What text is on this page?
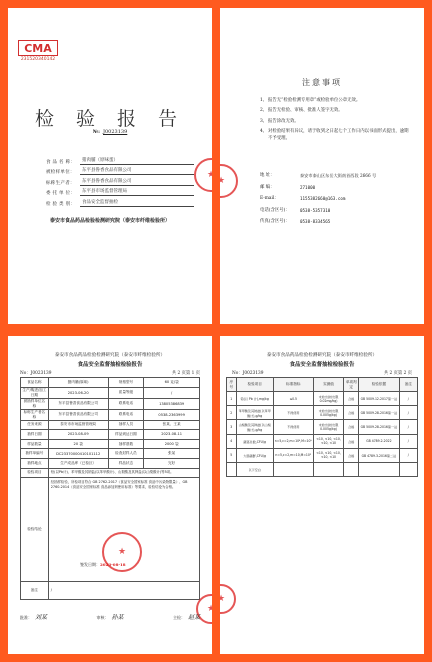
CMA
231520340142
检 验 报 告
№: J0023139
食 品 名 称：	猪肉脯（原味蛋）
被检样单位：	东平县鲁香食品有限公司
标称生产者：	东平县鲁香食品有限公司
委 托 单 位：	东平县市场监督管理局
检 验 类 别：	食品安全监督抽检
泰安市食品药品检验检测研究院（泰安市纤维检验所）
★
★
注意事项
1、 报告无“检验检测专用章”或检验单位公章无效。
2、 报告无检验、审核、批准人签字无效。
3、 报告涂改无效。
4、 对检验结果有异议，请于收到之日起七个工作日内以书面形式提出，逾期不予受理。
地 址：	泰安市泰山区东岳大街南首西段 2666 号
邮 编：	271000
E-mail：	1155382660@163.com
电话(含区号)：	0538-5357310
传真(含区号)：	0538-8334565
泰安市食品药品检验检测研究院（泰安市纤维检验所）
食品安全监督抽检检验报告
No：J0023139	共 2 页第 1 页
食品名称	猪肉脯(原味)	规格型号	60 克/袋
生产/购进/加工日期	2023-06-20	质量等级	/
被抽样单位名称	东平县鲁香食品有限公司	联系电话	13805386839
标称生产者名称	东平县鲁香食品有限公司	联系电话	0538-2363999
任务来源	泰安市市场监督管理局	抽样人员	张某、王某
抽样日期	2023-08-09	样品到达日期	2023-08-11
样品数量	20 袋	抽样基数	2000 袋
抽样单编号	DC23370000410101112	检查封样人员	张某
抽样地点	生产成品库（已检区）	样品状态	完好
检验项目	铅(以Pb计)、苯甲酸及其钠盐(以苯甲酸计)、山梨酸及其钾盐(以山梨酸计)等5项。		
检验结论	经抽样检验，所检项目符合 GB 2762-2017《食品安全国家标准 食品中污染物限量》、GB 2760-2014《食品安全国家标准 食品添加剂使用标准》等要求，检验结论为合格。		
备注	/		
签发日期：2023-08-18
★
★
批准： 刘某	审核： 孙某	主检： 赵某
泰安市食品药品检验检测研究院（泰安市纤维检验所）
食品安全监督抽检检验报告
No：J0023139	共 2 页第 2 页
序号	检验项目	标准指标	实测值	单项判定	检验依据	备注
1	铅(以 Pb 计),mg/kg	≤0.5	未检出(检出限0.02mg/kg)	合格	GB 5009.12-2017第一法	/
2	苯甲酸及其钠盐(以苯甲酸计),g/kg	不得使用	未检出(检出限0.005g/kg)	合格	GB 5009.28-2016第一法	/
3	山梨酸及其钾盐(以山梨酸计),g/kg	不得使用	未检出(检出限0.005g/kg)	合格	GB 5009.28-2016第一法	/
4	菌落总数,CFU/g	n=5,c=2,m=10⁴,M=10⁵	<10, <10, <10, <10, <10	合格	GB 4789.2-2022	/
5	大肠菌群,CFU/g	n=5,c=2,m=10,M=10²	<10, <10, <10, <10, <10	合格	GB 4789.3-2016第二法	/
	以下空白					
★
